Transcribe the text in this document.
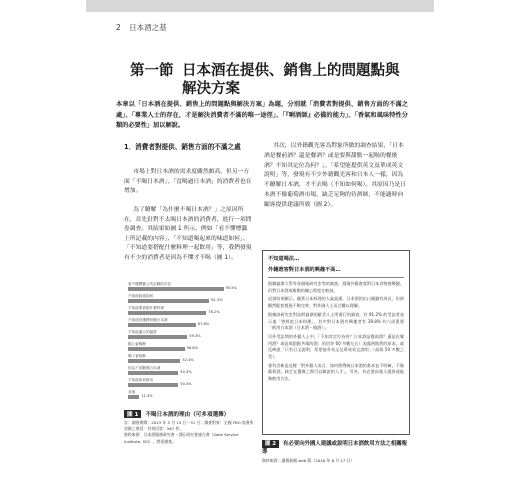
2 日本酒之基
第一節 日本酒在提供、銷售上的問題點與
解決方案

本章以「日本酒在提供、銷售上的問題點與解決方案」為題，分別就「消費者對提供、銷售方面的不滿之處」、「專業人士的存在，才是解決消費者不滿的唯一途徑」、「『唎酒師』必備的能力」、「香氣和風味特性分類的必要性」加以解說。

1．消費者對提供、銷售方面的不滿之處

市場上對日本酒的需求度雖然頗高，但另一方面「不喝日本酒」、「沒喝過日本酒」的消費者也在增加。

為了瞭解「為什麼不喝日本酒？」之原因所在，首先針對不太喝日本酒的消費者，進行一項問卷調查。其結果如圖 1 所示。例如「看不懂標籤上所記載的內容」、「不知道喝起來的味道如何」、「不知道要搭配什麼料理一起飲用」等，我們發現有不少的消費者是因為不懂才不喝（圖 1）。

其次，以外籍觀光客為對象所做的調查結果，「日本酒是餐前酒？還是餐酒？或是要與甜點一起喝的餐後酒？不知其定位為何？」、「希望能提供英文及華成英文說明」等，發現有不少外籍觀光客和日本人一樣，因為不瞭解日本酒，才不去喝（不知如何喝）。其原因乃是日本酒不像葡萄酒市場，缺乏足夠的待酒師，不能適時向顧客提供建議所致（圖 2）。

看不懂標籤上所記載的內容
95.5%
不知道味道如何
81.3%
不知道要搭配什麼料理
78.2%
不知道該選擇何種日本酒
67.8%
不知道適合的溫度
59.3%
擔心會喝醉
56.6%
喝了會宿醉
52.4%
因為不喜歡喝日本酒
50.3%
不知道如何飲用
50.3%
其他
11.3%
圖 1 不喝日本酒的理由（可多項選擇）
註：調查期間：2013 年 5 月 15 日－31 日；調查對象：全國 FBO 協會所登錄之會員：有效回答：567 件。
資料來源：日本酒服務研究會・酒匠研究會連合會（Sake Service Institute, SSI），問卷調查。
不知道喝法…
外籍遊客對日本酒的興趣不高…

根據倫澤大學等各個地研究室等的調查，發現外籍遊客對日本食物感興趣，但對日本酒或飯類的關心程度比較低。

這項結果顯示，隨著日本料理的人氣高漲，日本酒的出口量雖有成長，但卻顯然配套措施不夠完善，對外國人士而言難以理解。

根據該研究室對訪問倫澤的歐美人士所進行的調查，有 91.2% 的受訪者表示他「曾經吃日本料理」，其中對日本酒有興趣者有 39.8% 約八成重要「飲用日本酒（日本酒・燒酒）」。

另外受訪問的外籍人士中，「不知其定位為何？日本酒是餐前酒？還是佐餐用酒？或是與甜點共喝的酒」的回答 60 多數左右）表露到既然的原本，或反映就「只有日文說明，希望能有英文及華成英文說明」（高與 50 多數之受）。

專有洽新是這樣「對外籍人而言，如何將傳統日本酒的基本並不明確，不像葡萄酒，缺乏在選擇之際可以解說的人才」。另外，有必要向客人提供或能夠飲用方法。

圖 2 有必要向外國人建議或說明日本酒飲用方法之相關報導
資料來源：讀賣新聞 web 版（2016 年 6 月 17 日）
